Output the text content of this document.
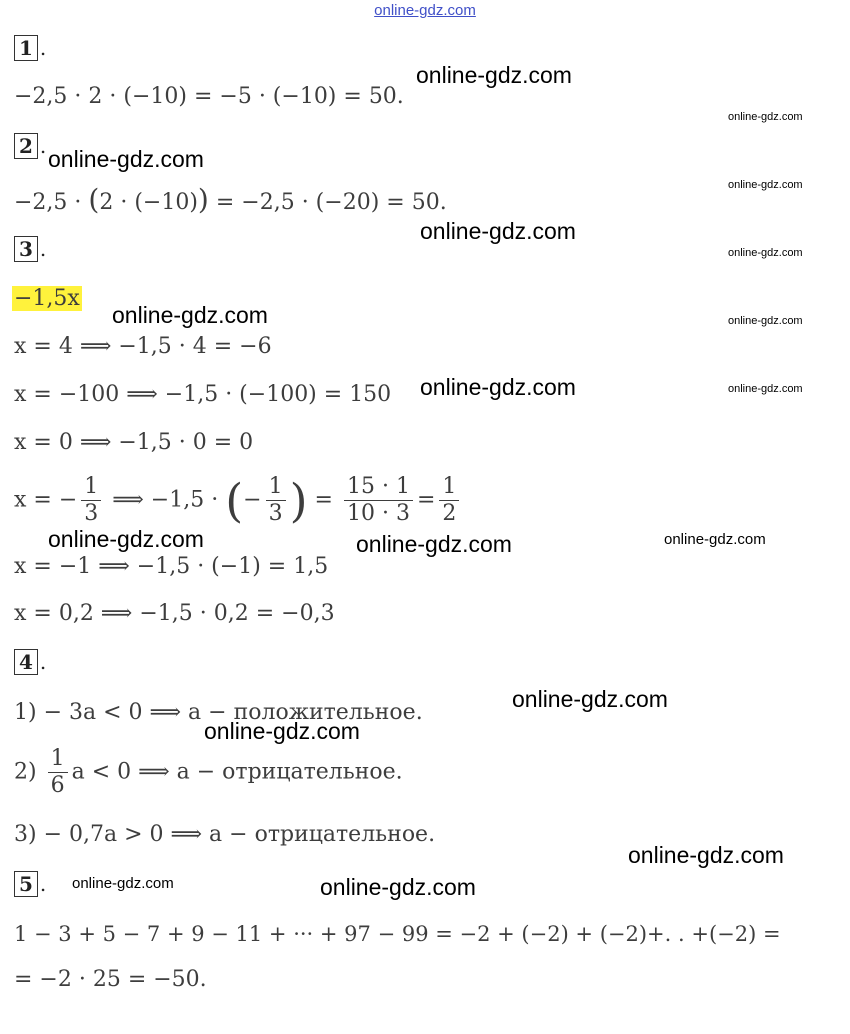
online-gdz.com
1 .
−2,5 · 2 · (−10) = −5 · (−10) = 50.
2 .
−2,5 · (2 · (−10)) = −2,5 · (−20) = 50.
3 .
−1,5x
x = 4 ⟹ −1,5 · 4 = −6
x = −100 ⟹ −1,5 · (−100) = 150
x = 0 ⟹ −1,5 · 0 = 0
x = − $\frac{1}{3}$ ⟹ −1,5 · (− $\frac{1}{3}$ ) = $\frac{15 \cdot 1}{10 \cdot 3} = \frac{1}{2}$
x = −1 ⟹ −1,5 · (−1) = 1,5
x = 0,2 ⟹ −1,5 · 0,2 = −0,3
4 .
1) − 3a < 0 ⟹ a − положительное.
$2) \frac{1}{6}$ a < 0 ⟹ a − отрицательное.
3) − 0,7a > 0 ⟹ a − отрицательное.
5 .
1 − 3 + 5 − 7 + 9 − 11 + ··· + 97 − 99 = −2 + (−2) + (−2)+. . +(−2) =
= −2 · 25 = −50.
online-gdz.com
online-gdz.com
online-gdz.com
online-gdz.com
online-gdz.com
online-gdz.com	online-gdz.com
online-gdz.com
online-gdz.com
online-gdz.com
online-gdz.com
online-gdz.com
online-gdz.com
online-gdz.com
online-gdz.com
online-gdz.com
online-gdz.com
online-gdz.com
